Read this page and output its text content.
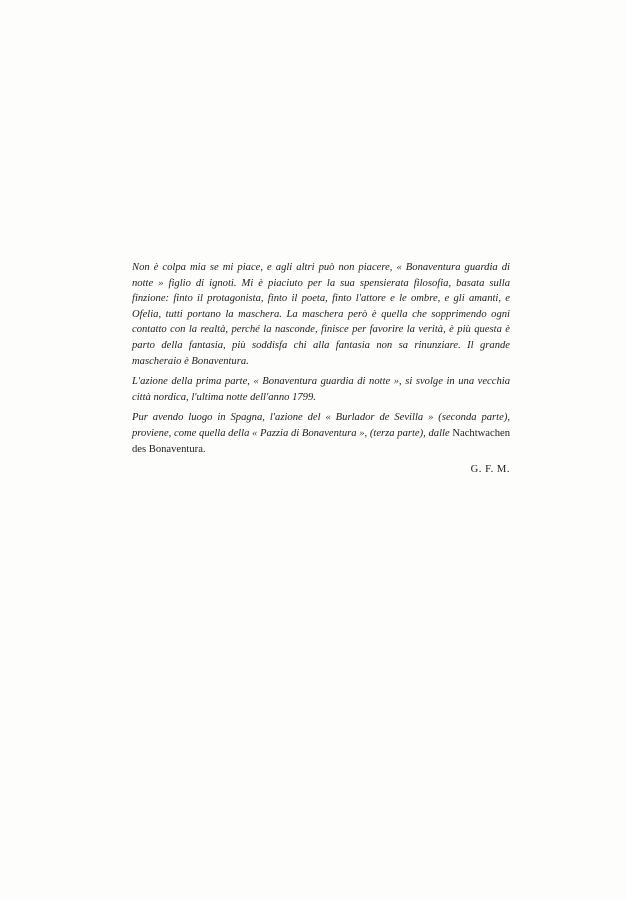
Non è colpa mia se mi piace, e agli altri può non piacere, « Bonaventura guardia di notte » figlio di ignoti. Mi è piaciuto per la sua spensierata filosofia, basata sulla finzione: finto il protagonista, finto il poeta, finto l'attore e le ombre, e gli amanti, e Ofelia, tutti portano la maschera. La maschera però è quella che sopprimendo ogni contatto con la realtà, perché la nasconde, finisce per favorire la verità, è più questa è parto della fantasia, più soddisfa chi alla fantasia non sa rinunziare. Il grande mascheraio è Bonaventura.

L'azione della prima parte, « Bonaventura guardia di notte », si svolge in una vecchia città nordica, l'ultima notte dell'anno 1799.

Pur avendo luogo in Spagna, l'azione del « Burlador de Sevilla » (seconda parte), proviene, come quella della « Pazzia di Bonaventura », (terza parte), dalle Nachtwachen des Bonaventura.

G. F. M.
